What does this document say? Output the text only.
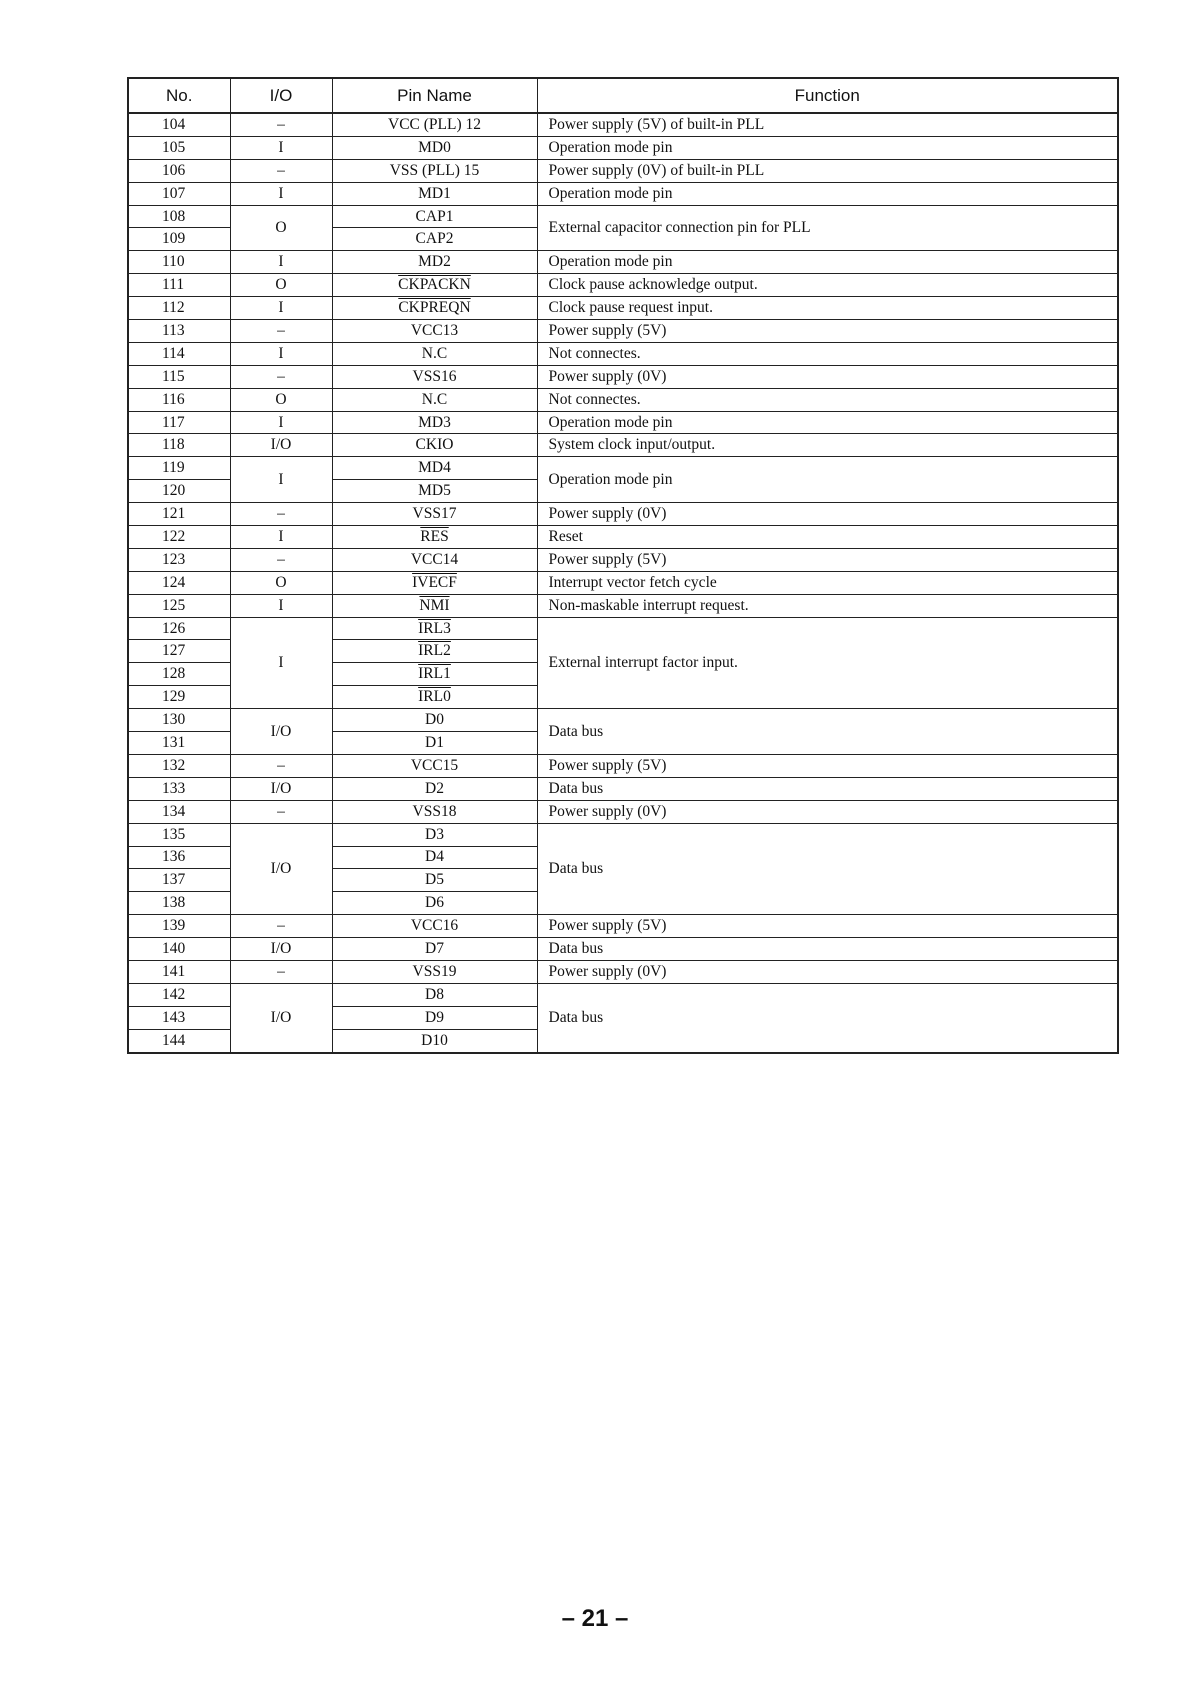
No.	I/O	Pin Name	Function
104	–	VCC (PLL) 12	Power supply (5V) of built-in PLL
105	I	MD0	Operation mode pin
106	–	VSS (PLL) 15	Power supply (0V) of built-in PLL
107	I	MD1	Operation mode pin
108	O	CAP1	External capacitor connection pin for PLL
109		CAP2	
110	I	MD2	Operation mode pin
111	O	CKPACKN	Clock pause acknowledge output.
112	I	CKPREQN	Clock pause request input.
113	–	VCC13	Power supply (5V)
114	I	N.C	Not connectes.
115	–	VSS16	Power supply (0V)
116	O	N.C	Not connectes.
117	I	MD3	Operation mode pin
118	I/O	CKIO	System clock input/output.
119	I	MD4	Operation mode pin
120		MD5	
121	–	VSS17	Power supply (0V)
122	I	$\overline{RES}$	Reset
123	–	VCC14	Power supply (5V)
124	O	IVECF	Interrupt vector fetch cycle
125	I	$\overline{NMI}$	Non-maskable interrupt request.
126	I	IRL3	External interrupt factor input.
127		IRL2	
128		IRL1	
129		IRL0	
130	I/O	D0	Data bus
131		D1	
132	–	VCC15	Power supply (5V)
133	I/O	D2	Data bus
134	–	VSS18	Power supply (0V)
135	I/O	D3	Data bus
136		D4	
137		D5	
138		D6	
139	–	VCC16	Power supply (5V)
140	I/O	D7	Data bus
141	–	VSS19	Power supply (0V)
142	I/O	D8	Data bus
143		D9	
144		D10	
– 21 –
